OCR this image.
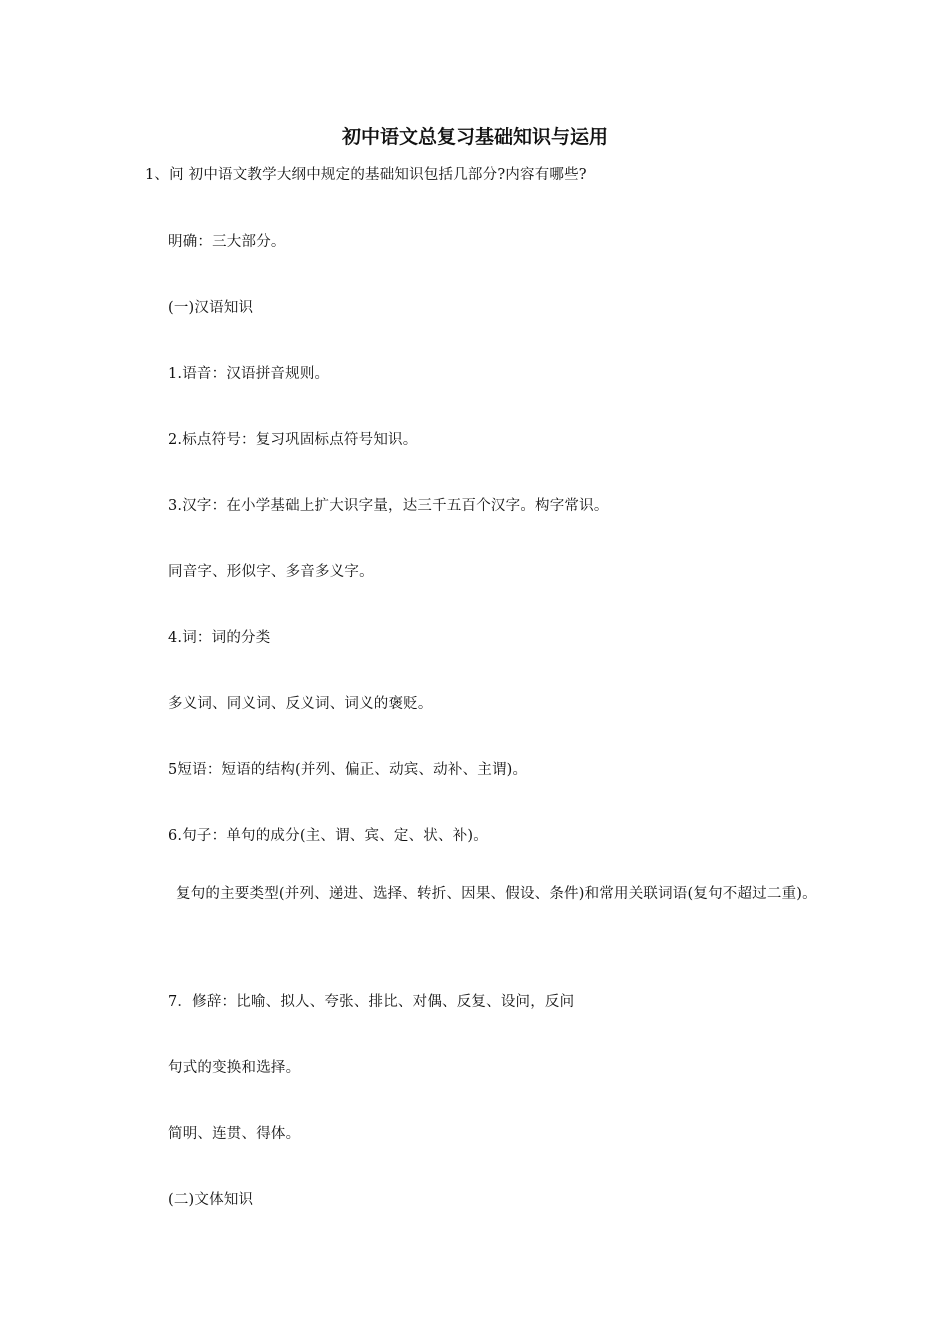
初中语文总复习基础知识与运用
1、问 初中语文教学大纲中规定的基础知识包括几部分?内容有哪些?
明确：三大部分。
(一)汉语知识
1.语音：汉语拼音规则。
2.标点符号：复习巩固标点符号知识。
3.汉字：在小学基础上扩大识字量，达三千五百个汉字。构字常识。
同音字、形似字、多音多义字。
4.词：词的分类
多义词、同义词、反义词、词义的褒贬。
5短语：短语的结构(并列、偏正、动宾、动补、主谓)。
6.句子：单句的成分(主、谓、宾、定、状、补)。
复句的主要类型(并列、递进、选择、转折、因果、假设、条件)和常用关联词语(复句不超过二重)。
7．修辞：比喻、拟人、夸张、排比、对偶、反复、设问，反问
句式的变换和选择。
简明、连贯、得体。
(二)文体知识
